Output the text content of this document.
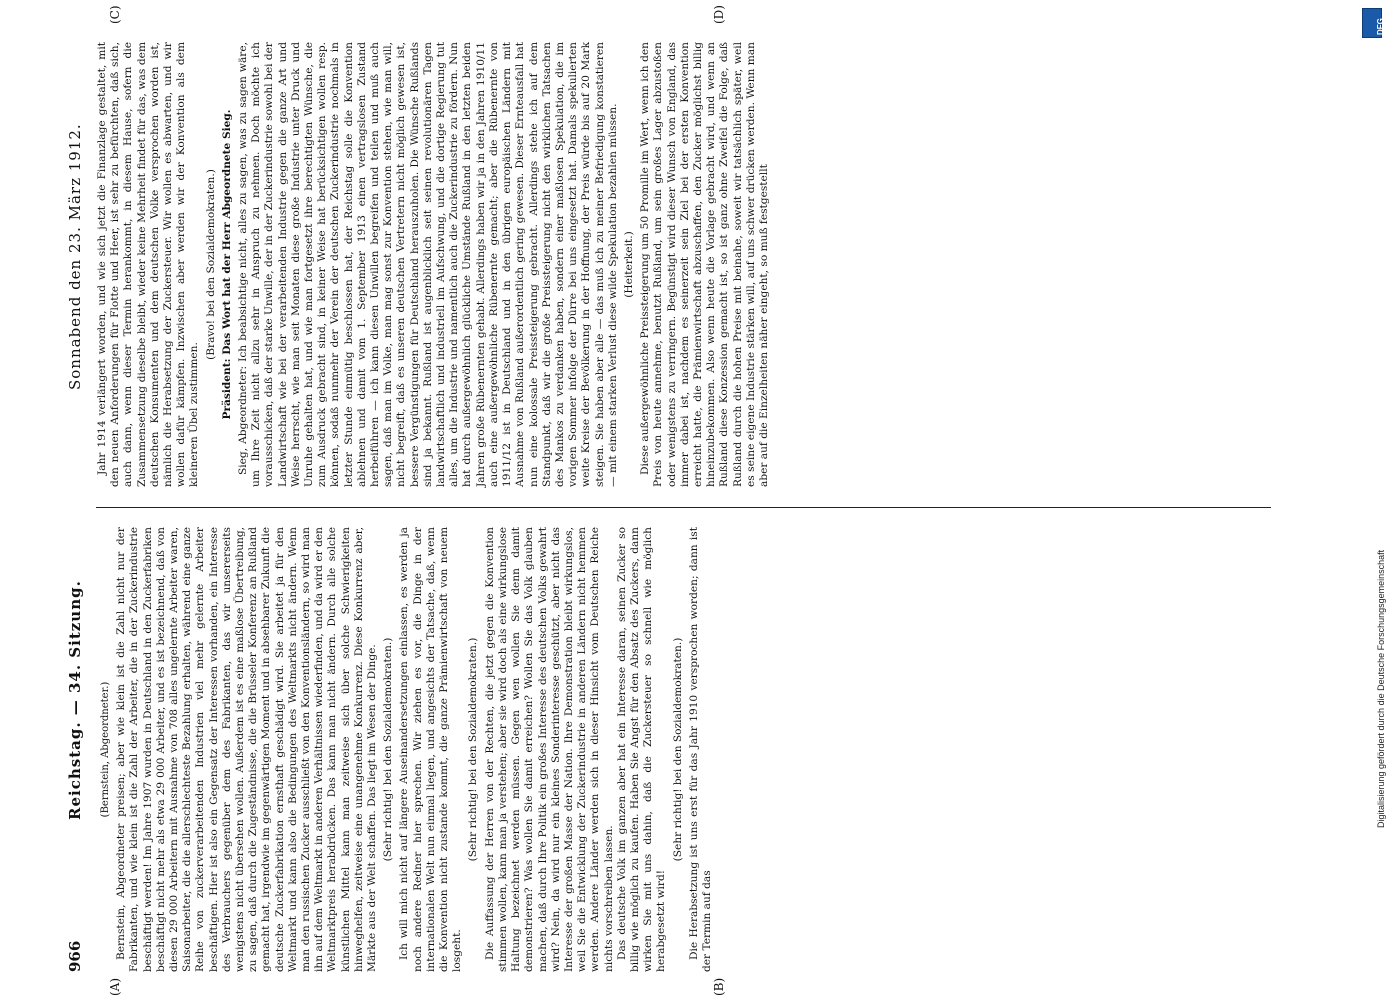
966
Reichstag. — 34. Sitzung.
Sonnabend den 23. März 1912.
(A)	(B)
(C)	(D)

(Bernstein, Abgeordneter.) Bernstein, Abgeordneter preisen; aber wie klein ist die Zahl nicht nur der Fabrikanten, und wie klein ist die Zahl der Arbeiter, die in der Zuckerindustrie beschäftigt werden! Im Jahre 1907 wurden in Deutschland in den Zuckerfabriken beschäftigt nicht mehr als etwa 29 000 Arbeiter, und es ist bezeichnend, daß von diesen 29 000 Arbeitern mit Ausnahme von 708 alles ungelernte Arbeiter waren, Saisonarbeiter, die die allerschlechteste Bezahlung erhalten, während eine ganze Reihe von zuckerverarbeitenden Industrien viel mehr gelernte Arbeiter beschäftigen. Hier ist also ein Gegensatz der Interessen vorhanden, ein Interesse des Verbrauchers gegenüber dem des Fabrikanten, das wir unsererseits wenigstens nicht übersehen wollen. Außerdem ist es eine maßlose Übertreibung, zu sagen, daß durch die Zugeständnisse, die die Brüsseler Konferenz an Rußland gemacht hat, irgendwie im gegenwärtigen Moment und in absehbarer Zukunft die deutsche Zuckerfabrikation ernsthaft geschädigt wird. Sie arbeitet ja für den Weltmarkt und kann also die Bedingungen des Weltmarkts nicht ändern. Wenn man den russischen Zucker ausschließt von den Konventionsländern, so wird man ihn auf dem Weltmarkt in anderen Verhältnissen wiederfinden, und da wird er den Weltmarktpreis herabdrücken. Das kann man nicht ändern. Durch alle solche künstlichen Mittel kann man zeitweise sich über solche Schwierigkeiten hinweghelfen, zeitweise eine unangenehme Konkurrenz. Diese Konkurrenz aber, Märkte aus der Welt schaffen. Das liegt im Wesen der Dinge. (Sehr richtig! bei den Sozialdemokraten.) Ich will mich nicht auf längere Auseinandersetzungen einlassen, es werden ja noch andere Redner hier sprechen. Wir ziehen es vor, die Dinge in der internationalen Welt nun einmal liegen, und angesichts der Tatsache, daß, wenn die Konvention nicht zustande kommt, die ganze Prämienwirtschaft von neuem losgeht.

(Sehr richtig! bei den Sozialdemokraten.) Die Auffassung der Herren von der Rechten, die jetzt gegen die Konvention stimmen wollen, kann man ja verstehen; aber sie wird doch als eine wirkungslose Haltung bezeichnet werden müssen. Gegen wen wollen Sie denn damit demonstrieren? Was wollen Sie damit erreichen? Wollen Sie das Volk glauben machen, daß durch Ihre Politik ein großes Interesse des deutschen Volks gewahrt wird? Nein, da wird nur ein kleines Sonderinteresse geschützt, aber nicht das Interesse der großen Masse der Nation. Ihre Demonstration bleibt wirkungslos, weil Sie die Entwicklung der Zuckerindustrie in anderen Ländern nicht hemmen werden. Andere Länder werden sich in dieser Hinsicht vom Deutschen Reiche nichts vorschreiben lassen. Das deutsche Volk im ganzen aber hat ein Interesse daran, seinen Zucker so billig wie möglich zu kaufen. Haben Sie Angst für den Absatz des Zuckers, dann wirken Sie mit uns dahin, daß die Zuckersteuer so schnell wie möglich herabgesetzt wird!

(Sehr richtig! bei den Sozialdemokraten.) Die Herabsetzung ist uns erst für das Jahr 1910 versprochen worden; dann ist der Termin auf das

Jahr 1914 verlängert worden, und wie sich jetzt die Finanzlage gestaltet, mit den neuen Anforderungen für Flotte und Heer, ist sehr zu befürchten, daß sich, auch dann, wenn dieser Termin herankommt, in diesem Hause, sofern die Zusammensetzung dieselbe bleibt, wieder keine Mehrheit findet für das, was dem deutschen Konsumenten und dem deutschen Volke versprochen worden ist, nämlich die Herabsetzung der Zuckersteuer. Wir wollen es abwarten, und wir wollen dafür kämpfen. Inzwischen aber werden wir der Konvention als dem kleineren Übel zustimmen.

(Bravo! bei den Sozialdemokraten.) Präsident: Das Wort hat der Herr Abgeordnete Sieg. Sieg, Abgeordneter: Ich beabsichtige nicht, alles zu sagen, was zu sagen wäre, um Ihre Zeit nicht allzu sehr in Anspruch zu nehmen. Doch möchte ich vorausschicken, daß der starke Unwille, der in der Zuckerindustrie sowohl bei der Landwirtschaft wie bei der verarbeitenden Industrie gegen die ganze Art und Weise herrscht, wie man seit Monaten diese große Industrie unter Druck und Unruhe gehalten hat, und wie man fortgesetzt ihre berechtigten Wünsche, die zum Ausdruck gebracht sind, in keiner Weise hat berücksichtigen wollen resp. können, sodaß nunmehr der Verein der deutschen Zuckerindustrie nochmals in letzter Stunde einmütig beschlossen hat, der Reichstag solle die Konvention ablehnen und damit vom 1. September 1913 einen vertragslosen Zustand herbeiführen — ich kann diesen Unwillen begreifen und teilen und muß auch sagen, daß man im Volke, man mag sonst zur Konvention stehen, wie man will, nicht begreift, daß es unseren deutschen Vertretern nicht möglich gewesen ist, bessere Vergünstigungen für Deutschland herauszuholen. Die Wünsche Rußlands sind ja bekannt. Rußland ist augenblicklich seit seinen revolutionären Tagen landwirtschaftlich und industriell im Aufschwung, und die dortige Regierung tut alles, um die Industrie und namentlich auch die Zuckerindustrie zu fördern. Nun hat durch außergewöhnlich glückliche Umstände Rußland in den letzten beiden Jahren große Rübenernten gehabt. Allerdings haben wir ja in den Jahren 1910/11 auch eine außergewöhnliche Rübenernte gemacht; aber die Rübenernte von 1911/12 ist in Deutschland und in den übrigen europäischen Ländern mit Ausnahme von Rußland außerordentlich gering gewesen. Dieser Ernteausfall hat nun eine kolossale Preissteigerung gebracht. Allerdings stehe ich auf dem Standpunkt, daß wir die große Preissteigerung nicht den wirklichen Tatsachen des Mankos zu verdanken haben, sondern einer maßlosen Spekulation, die im vorigen Sommer infolge der Dürre bei uns eingesetzt hat. Damals spekulierten weite Kreise der Bevölkerung in der Hoffnung, der Preis würde bis auf 20 Mark steigen. Sie haben aber alle — das muß ich zu meiner Befriedigung konstatieren — mit einem starken Verlust diese wilde Spekulation bezahlen müssen. (Heiterkeit.) Diese außergewöhnliche Preissteigerung um 50 Promille im Wert, wenn ich den Preis von heute annehme, benutzt Rußland, um sein großes Lager abzustoßen oder wenigstens zu verringern. Begünstigt wird dieser Wunsch von England, das immer dabei ist, nachdem es seinerzeit sein Ziel bei der ersten Konvention erreicht hatte, die Prämienwirtschaft abzuschaffen, den Zucker möglichst billig hineinzubekommen. Also wenn heute die Vorlage gebracht wird, und wenn an Rußland diese Konzession gemacht ist, so ist ganz ohne Zweifel die Folge, daß Rußland durch die hohen Preise mit beinahe, soweit wir tatsächlich später, weil es seine eigene Industrie stärken will, auf uns schwer drücken werden. Wenn man aber auf die Einzelheiten näher eingeht, so muß festgestellt

DFG
Digitalisierung gefördert durch die Deutsche Forschungsgemeinschaft
